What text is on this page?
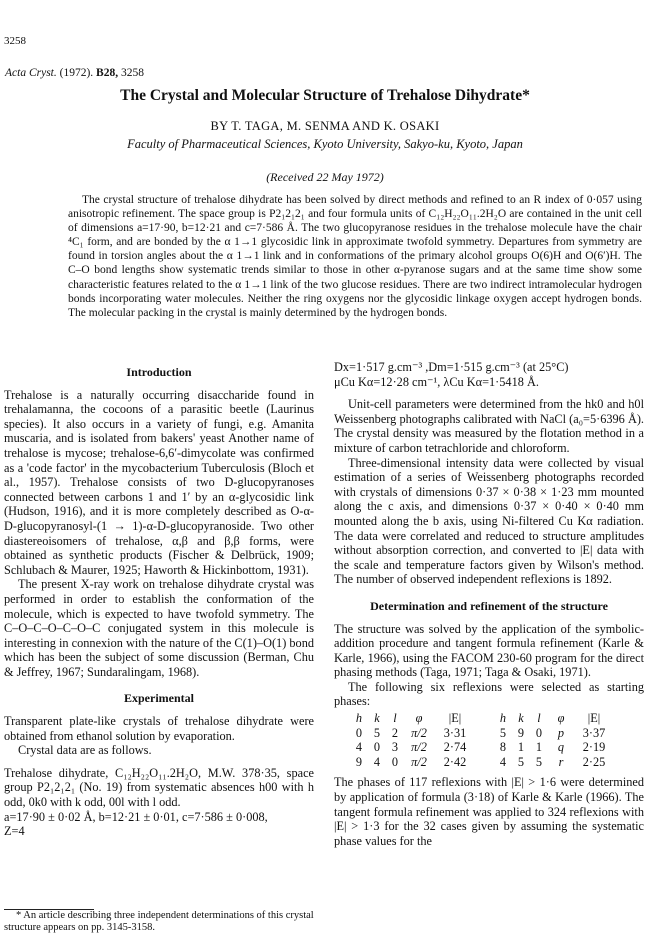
3258
Acta Cryst. (1972). B28, 3258
The Crystal and Molecular Structure of Trehalose Dihydrate*
BY T. TAGA, M. SENMA AND K. OSAKI
Faculty of Pharmaceutical Sciences, Kyoto University, Sakyo-ku, Kyoto, Japan
(Received 22 May 1972)
The crystal structure of trehalose dihydrate has been solved by direct methods and refined to an R index of 0·057 using anisotropic refinement. The space group is P2₁2₁2₁ and four formula units of C₁₂H₂₂O₁₁.2H₂O are contained in the unit cell of dimensions a=17·90, b=12·21 and c=7·586 Å. The two glucopyranose residues in the trehalose molecule have the chair ⁴C₁ form, and are bonded by the α 1→1 glycosidic link in approximate twofold symmetry. Departures from symmetry are found in torsion angles about the α 1→1 link and in conformations of the primary alcohol groups O(6)H and O(6′)H. The C–O bond lengths show systematic trends similar to those in other α-pyranose sugars and at the same time show some characteristic features related to the α 1→1 link of the two glucose residues. There are two indirect intramolecular hydrogen bonds incorporating water molecules. Neither the ring oxygens nor the glycosidic linkage oxygen accept hydrogen bonds. The molecular packing in the crystal is mainly determined by the hydrogen bonds.
Introduction

Trehalose is a naturally occurring disaccharide found in trehalamanna, the cocoons of a parasitic beetle (Laurinus species). It also occurs in a variety of fungi, e.g. Amanita muscaria, and is isolated from bakers' yeast Another name of trehalose is mycose; trehalose-6,6′-dimycolate was confirmed as a 'code factor' in the mycobacterium Tuberculosis (Bloch et al., 1957). Trehalose consists of two D-glucopyranoses connected between carbons 1 and 1′ by an α-glycosidic link (Hudson, 1916), and it is more completely described as O-α-D-glucopyranosyl-(1 → 1)-α-D-glucopyranoside. Two other diastereoisomers of trehalose, α,β and β,β forms, were obtained as synthetic products (Fischer & Delbrück, 1909; Schlubach & Maurer, 1925; Haworth & Hickinbottom, 1931).

The present X-ray work on trehalose dihydrate crystal was performed in order to establish the conformation of the molecule, which is expected to have twofold symmetry. The C–O–C–O–C–O–C conjugated system in this molecule is interesting in connexion with the nature of the C(1)–O(1) bond which has been the subject of some discussion (Berman, Chu & Jeffrey, 1967; Sundaralingam, 1968).

Experimental

Transparent plate-like crystals of trehalose dihydrate were obtained from ethanol solution by evaporation.

Crystal data are as follows.

Trehalose dihydrate, C₁₂H₂₂O₁₁.2H₂O, M.W. 378·35, space group P2₁2₁2₁ (No. 19) from systematic absences h00 with h odd, 0k0 with k odd, 00l with l odd.

a=17·90 ± 0·02 Å, b=12·21 ± 0·01, c=7·586 ± 0·008,

Z=4

* An article describing three independent determinations of this crystal structure appears on pp. 3145-3158.

Dx=1·517 g.cm⁻³ ,Dm=1·515 g.cm⁻³ (at 25°C)

μCu Kα=12·28 cm⁻¹, λCu Kα=1·5418 Å.

Unit-cell parameters were determined from the hk0 and h0l Weissenberg photographs calibrated with NaCl (a₀=5·6396 Å). The crystal density was measured by the flotation method in a mixture of carbon tetrachloride and chloroform.

Three-dimensional intensity data were collected by visual estimation of a series of Weissenberg photographs recorded with crystals of dimensions 0·37 × 0·38 × 1·23 mm mounted along the c axis, and dimensions 0·37 × 0·40 × 0·40 mm mounted along the b axis, using Ni-filtered Cu Kα radiation. The data were correlated and reduced to structure amplitudes without absorption correction, and converted to |E| data with the scale and temperature factors given by Wilson's method. The number of observed independent reflexions is 1892.

Determination and refinement of the structure

The structure was solved by the application of the symbolic-addition procedure and tangent formula refinement (Karle & Karle, 1966), using the FACOM 230-60 program for the direct phasing methods (Taga, 1971; Taga & Osaki, 1971).

The following six reflexions were selected as starting phases:

h	k	l	φ	|E|		h	k	l	φ	|E|
0	5	2	π/2	3·31		5	9	0	p	3·37
4	0	3	π/2	2·74		8	1	1	q	2·19
9	4	0	π/2	2·42		4	5	5	r	2·25

The phases of 117 reflexions with |E| > 1·6 were determined by application of formula (3·18) of Karle & Karle (1966). The tangent formula refinement was applied to 324 reflexions with |E| > 1·3 for the 32 cases given by assuming the systematic phase values for the
